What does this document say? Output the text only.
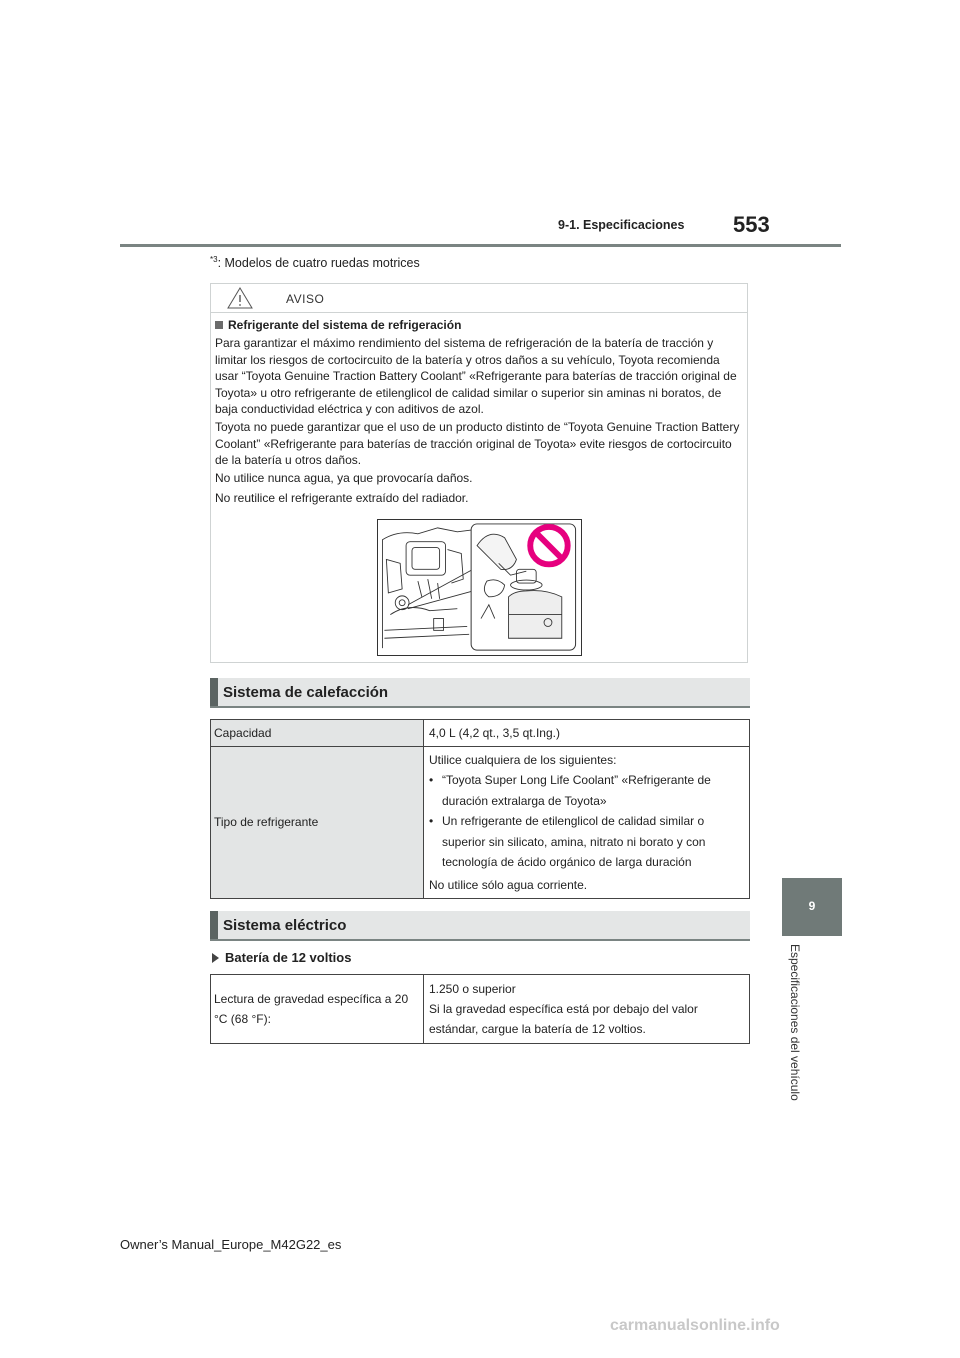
9-1. Especificaciones 553
9
Especificaciones del vehículo
$^{*3}$: Modelos de cuatro ruedas motrices
AVISO
Refrigerante del sistema de refrigeración
Para garantizar el máximo rendimiento del sistema de refrigeración de la batería de tracción y limitar los riesgos de cortocircuito de la batería y otros daños a su vehículo, Toyota recomienda usar “Toyota Genuine Traction Battery Coolant” «Refrigerante para baterías de tracción original de Toyota» u otro refrigerante de etilenglicol de calidad similar o superior sin aminas ni boratos, de baja conductividad eléctrica y con aditivos de azol.
Toyota no puede garantizar que el uso de un producto distinto de “Toyota Genuine Traction Battery Coolant” «Refrigerante para baterías de tracción original de Toyota» evite riesgos de cortocircuito de la batería u otros daños.
No utilice nunca agua, ya que provocaría daños.
No reutilice el refrigerante extraído del radiador.
Sistema de calefacción
Capacidad	4,0 L (4,2 qt., 3,5 qt.Ing.)
Tipo de refrigerante	Utilice cualquiera de los siguientes:
• “Toyota Super Long Life Coolant” «Refrigerante de duración extralarga de Toyota»
• Un refrigerante de etilenglicol de calidad similar o superior sin silicato, amina, nitrato ni borato y con tecnología de ácido orgánico de larga duración
No utilice sólo agua corriente.
Sistema eléctrico
Batería de 12 voltios
Lectura de gravedad específica a 20 °C (68 °F):	
1.250 o superior
Si la gravedad específica está por debajo del valor estándar, cargue la batería de 12 voltios.
Owner’s Manual_Europe_M42G22_es
carmanualsonline.info
